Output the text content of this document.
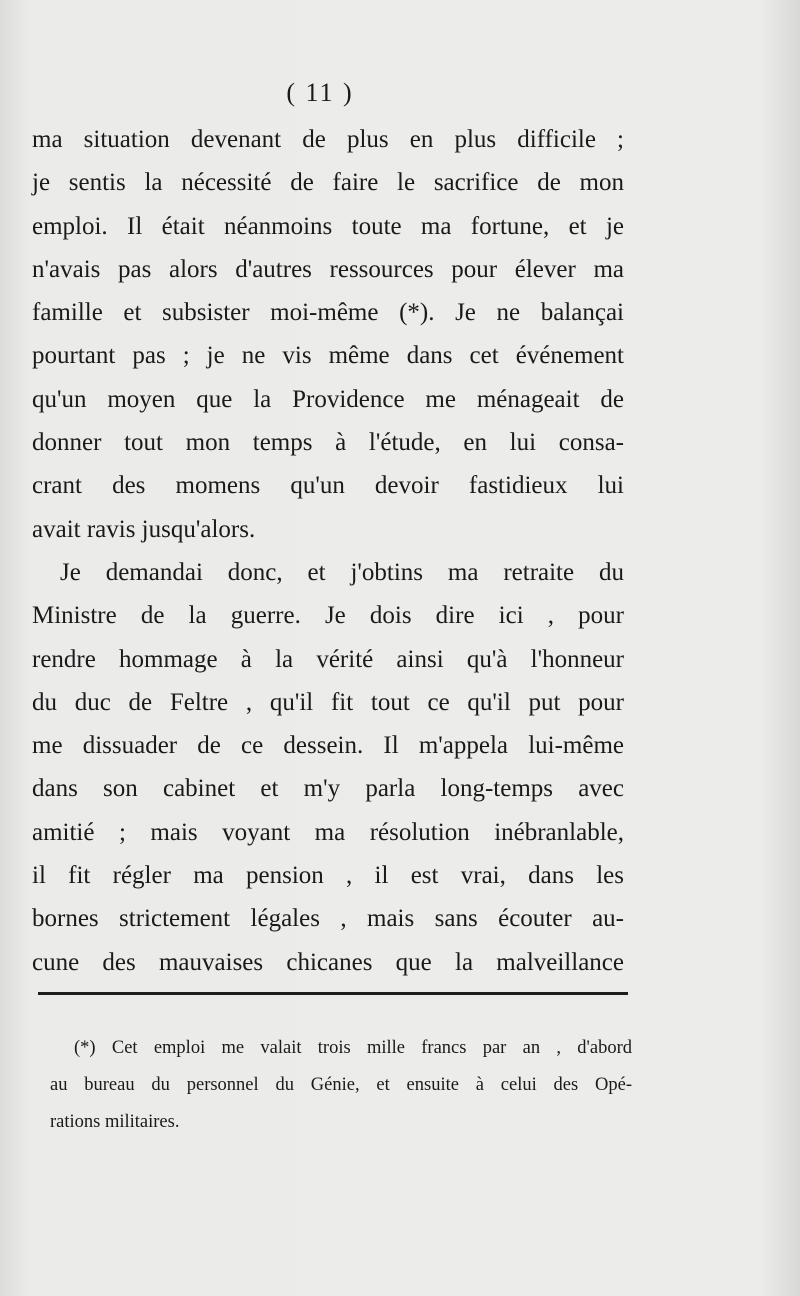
( 11 )
ma situation devenant de plus en plus difficile ;
je sentis la nécessité de faire le sacrifice de mon
emploi. Il était néanmoins toute ma fortune, et je
n'avais pas alors d'autres ressources pour élever ma
famille et subsister moi-même (*). Je ne balançai
pourtant pas ; je ne vis même dans cet événement
qu'un moyen que la Providence me ménageait de
donner tout mon temps à l'étude, en lui consa-
crant des momens qu'un devoir fastidieux lui
avait ravis jusqu'alors.
Je demandai donc, et j'obtins ma retraite du
Ministre de la guerre. Je dois dire ici , pour
rendre hommage à la vérité ainsi qu'à l'honneur
du duc de Feltre , qu'il fit tout ce qu'il put pour
me dissuader de ce dessein. Il m'appela lui-même
dans son cabinet et m'y parla long-temps avec
amitié ; mais voyant ma résolution inébranlable,
il fit régler ma pension , il est vrai, dans les
bornes strictement légales , mais sans écouter au-
cune des mauvaises chicanes que la malveillance
(*) Cet emploi me valait trois mille francs par an , d'abord
au bureau du personnel du Génie, et ensuite à celui des Opé-
rations militaires.
